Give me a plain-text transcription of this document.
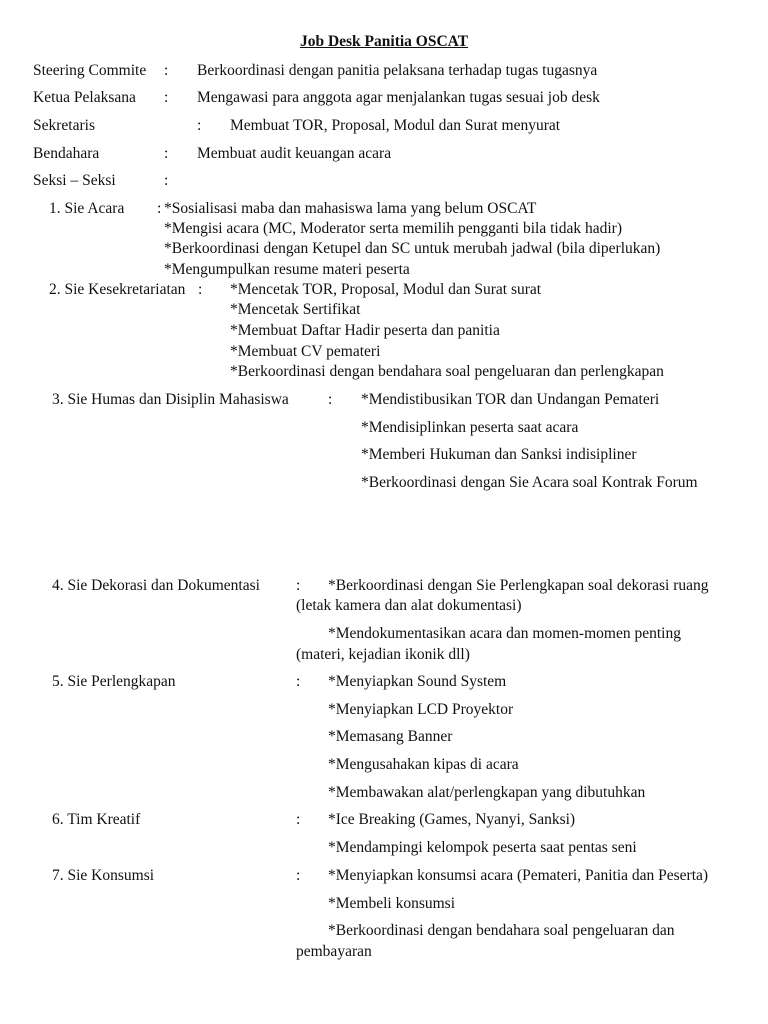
Job Desk Panitia OSCAT
Steering Commite : Berkoordinasi dengan panitia pelaksana terhadap tugas tugasnya
Ketua Pelaksana : Mengawasi para anggota agar menjalankan tugas sesuai job desk
Sekretaris	: Membuat TOR, Proposal, Modul dan Surat menyurat
Bendahara	: Membuat audit keuangan acara
Seksi – Seksi	:
1. Sie Acara : *Sosialisasi maba dan mahasiswa lama yang belum OSCAT
*Mengisi acara (MC, Moderator serta memilih pengganti bila tidak hadir)
*Berkoordinasi dengan Ketupel dan SC untuk merubah jadwal (bila diperlukan)
*Mengumpulkan resume materi peserta
2. Sie Kesekretariatan : *Mencetak TOR, Proposal, Modul dan Surat surat
*Mencetak Sertifikat
*Membuat Daftar Hadir peserta dan panitia
*Membuat CV pemateri
*Berkoordinasi dengan bendahara soal pengeluaran dan perlengkapan
3. Sie Humas dan Disiplin Mahasiswa	: *Mendistibusikan TOR dan Undangan Pemateri
*Mendisiplinkan peserta saat acara
*Memberi Hukuman dan Sanksi indisipliner
*Berkoordinasi dengan Sie Acara soal Kontrak Forum
4. Sie Dekorasi dan Dokumentasi : *Berkoordinasi dengan Sie Perlengkapan soal dekorasi ruang
(letak kamera dan alat dokumentasi)
*Mendokumentasikan acara dan momen-momen penting
(materi, kejadian ikonik dll)
5. Sie Perlengkapan	: *Menyiapkan Sound System
*Menyiapkan LCD Proyektor
*Memasang Banner
*Mengusahakan kipas di acara
*Membawakan alat/perlengkapan yang dibutuhkan
6. Tim Kreatif	: *Ice Breaking (Games, Nyanyi, Sanksi)
*Mendampingi kelompok peserta saat pentas seni
7. Sie Konsumsi	: *Menyiapkan konsumsi acara (Pemateri, Panitia dan Peserta)
*Membeli konsumsi
*Berkoordinasi dengan bendahara soal pengeluaran dan
pembayaran
